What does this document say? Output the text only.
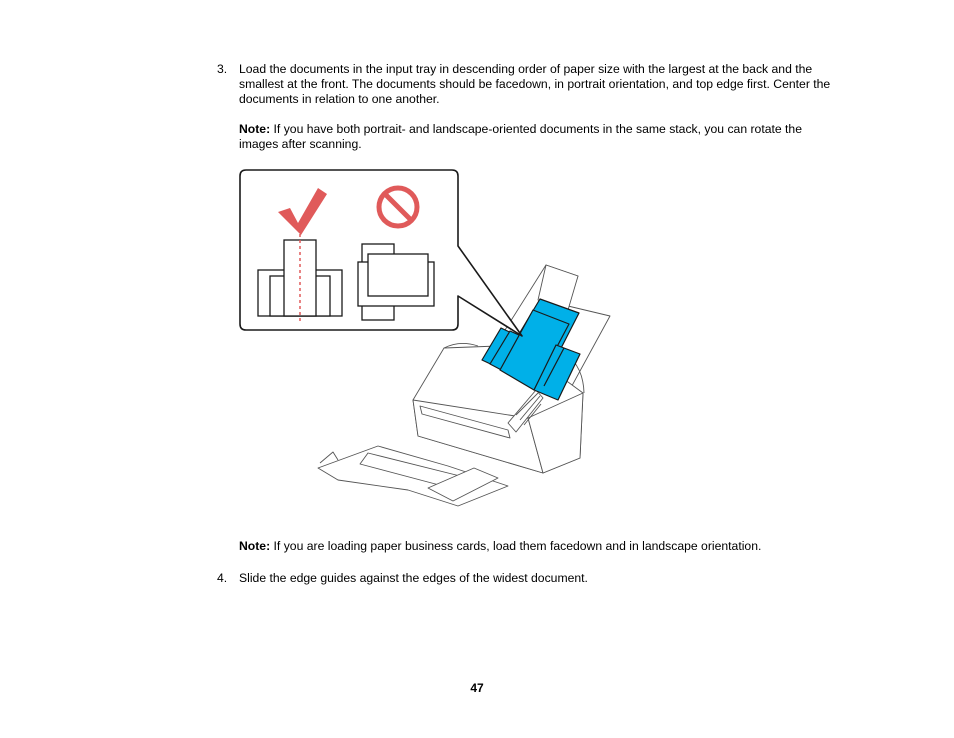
3. Load the documents in the input tray in descending order of paper size with the largest at the back and the smallest at the front. The documents should be facedown, in portrait orientation, and top edge first. Center the documents in relation to one another.
Note: If you have both portrait- and landscape-oriented documents in the same stack, you can rotate the images after scanning.
Note: If you are loading paper business cards, load them facedown and in landscape orientation.
4. Slide the edge guides against the edges of the widest document.
47
